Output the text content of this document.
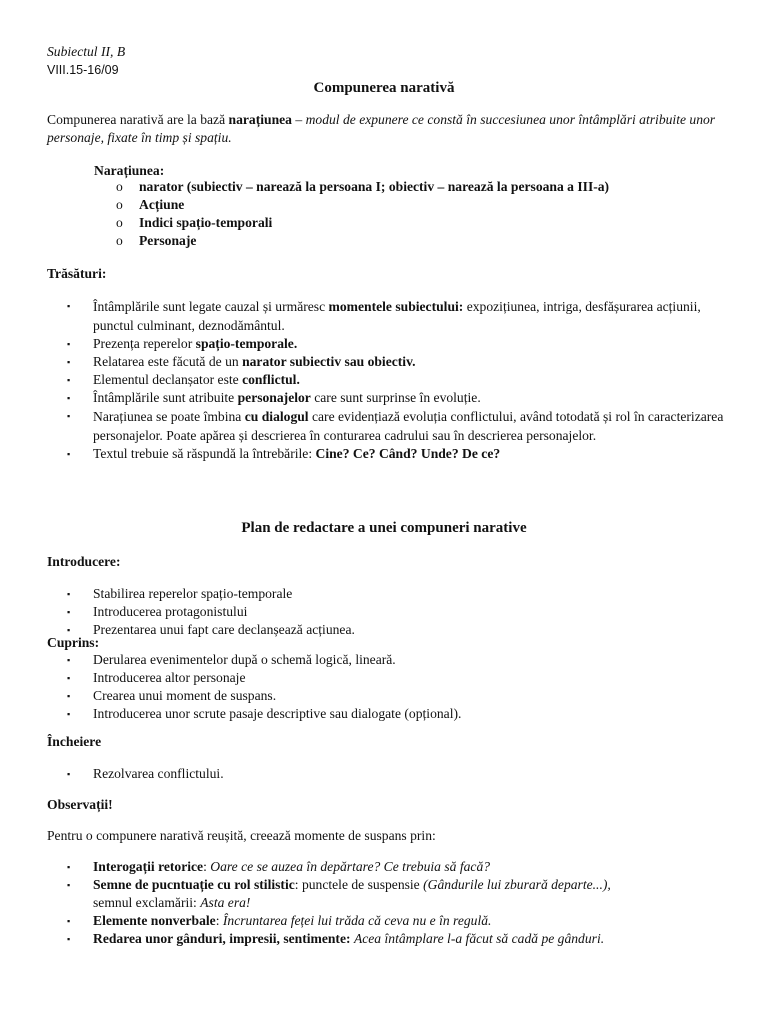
Subiectul II, B
VIII.15-16/09
Compunerea narativă
Compunerea narativă are la bază narațiunea – modul de expunere ce constă în succesiunea unor întâmplări atribuite unor personaje, fixate în timp și spațiu.
Narațiunea:
o narator (subiectiv – narează la persoana I; obiectiv – narează la persoana a III-a)
o Acțiune
o Indici spațio-temporali
o Personaje
Trăsături:
▪ Întâmplările sunt legate cauzal și urmăresc momentele subiectului: expozițiunea, intriga, desfășurarea acțiunii, punctul culminant, deznodământul.
▪ Prezența reperelor spațio-temporale.
▪ Relatarea este făcută de un narator subiectiv sau obiectiv.
▪ Elementul declanșator este conflictul.
▪ Întâmplările sunt atribuite personajelor care sunt surprinse în evoluție.
▪ Narațiunea se poate îmbina cu dialogul care evidențiază evoluția conflictului, având totodată și rol în caracterizarea personajelor. Poate apărea și descrierea în conturarea cadrului sau în descrierea personajelor.
▪ Textul trebuie să răspundă la întrebările: Cine? Ce? Când? Unde? De ce?
Plan de redactare a unei compuneri narative
Introducere:
▪ Stabilirea reperelor spațio-temporale
▪ Introducerea protagonistului
▪ Prezentarea unui fapt care declanșează acțiunea.
Cuprins:
▪ Derularea evenimentelor după o schemă logică, lineară.
▪ Introducerea altor personaje
▪ Crearea unui moment de suspans.
▪ Introducerea unor scrute pasaje descriptive sau dialogate (opțional).
Încheiere
▪ Rezolvarea conflictului.
Observații!
Pentru o compunere narativă reușită, creează momente de suspans prin:
▪ Interogații retorice: Oare ce se auzea în depărtare? Ce trebuia să facă?
▪ Semne de pucntuație cu rol stilistic: punctele de suspensie (Gândurile lui zburară departe...),
semnul exclamării: Asta era!
▪ Elemente nonverbale: Încruntarea feței lui trăda că ceva nu e în regulă.
▪ Redarea unor gânduri, impresii, sentimente: Acea întâmplare l-a făcut să cadă pe gânduri.
